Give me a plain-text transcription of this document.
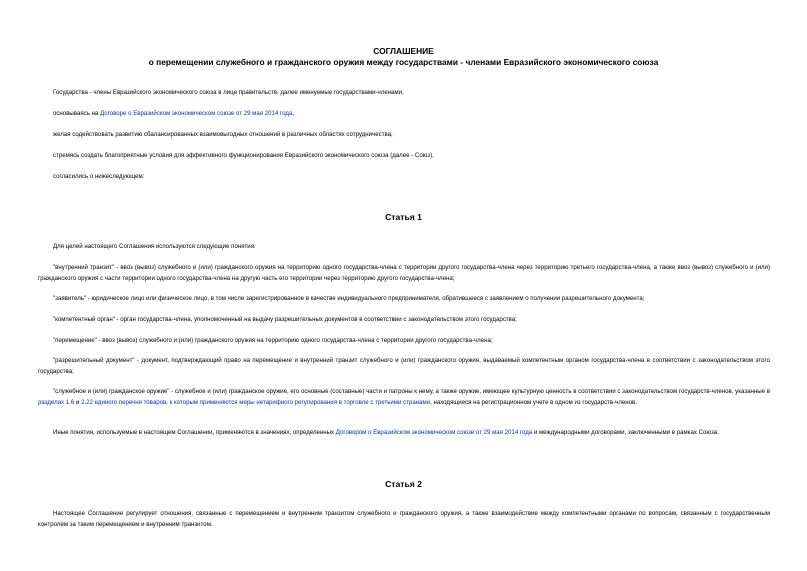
СОГЛАШЕНИЕ
о перемещении служебного и гражданского оружия между государствами - членами Евразийского экономического союза
Государства - члены Евразийского экономического союза в лице правительств, далее именуемые государствами-членами,
основываясь на Договоре о Евразийском экономическом союзе от 29 мая 2014 года,
желая содействовать развитию сбалансированных взаимовыгодных отношений в различных областях сотрудничества,
стремясь создать благоприятные условия для эффективного функционирования Евразийского экономического союза (далее - Союз),
согласились о нижеследующем:
Статья 1
Для целей настоящего Соглашения используются следующие понятия:
"внутренний транзит" - ввоз (вывоз) служебного и (или) гражданского оружия на территорию одного государства-члена с территории другого государства-члена через территорию третьего государства-члена, а также ввоз (вывоз) служебного и (или) гражданского оружия с части территории одного государства-члена на другую часть его территории через территорию другого государства-члена;
"заявитель" - юридическое лицо или физическое лицо, в том числе зарегистрированное в качестве индивидуального предпринимателя, обратившееся с заявлением о получении разрешительного документа;
"компетентный орган" - орган государства-члена, уполномоченный на выдачу разрешительных документов в соответствии с законодательством этого государства;
"перемещение" - ввоз (вывоз) служебного и (или) гражданского оружия на территорию одного государства-члена с территории другого государства-члена;
"разрешительный документ" - документ, подтверждающий право на перемещение и внутренний транзит служебного и (или) гражданского оружия, выдаваемый компетентным органом государства-члена в соответствии с законодательством этого государства;
"служебное и (или) гражданское оружие" - служебное и (или) гражданское оружие, его основные (составные) части и патроны к нему, а также оружие, имеющее культурную ценность в соответствии с законодательством государств-членов, указанные в разделах 1.6 и 2.22 единого перечня товаров, к которым применяются меры нетарифного регулирования в торговле с третьими странами, находящиеся на регистрационном учете в одном из государств-членов.
Иные понятия, используемые в настоящем Соглашении, применяются в значениях, определенных Договором о Евразийском экономическом союзе от 29 мая 2014 года и международными договорами, заключенными в рамках Союза.
Статья 2
Настоящее Соглашение регулирует отношения, связанные с перемещением и внутренним транзитом служебного и гражданского оружия, а также взаимодействие между компетентными органами по вопросам, связанным с государственным контролем за таким перемещением и внутренним транзитом.
